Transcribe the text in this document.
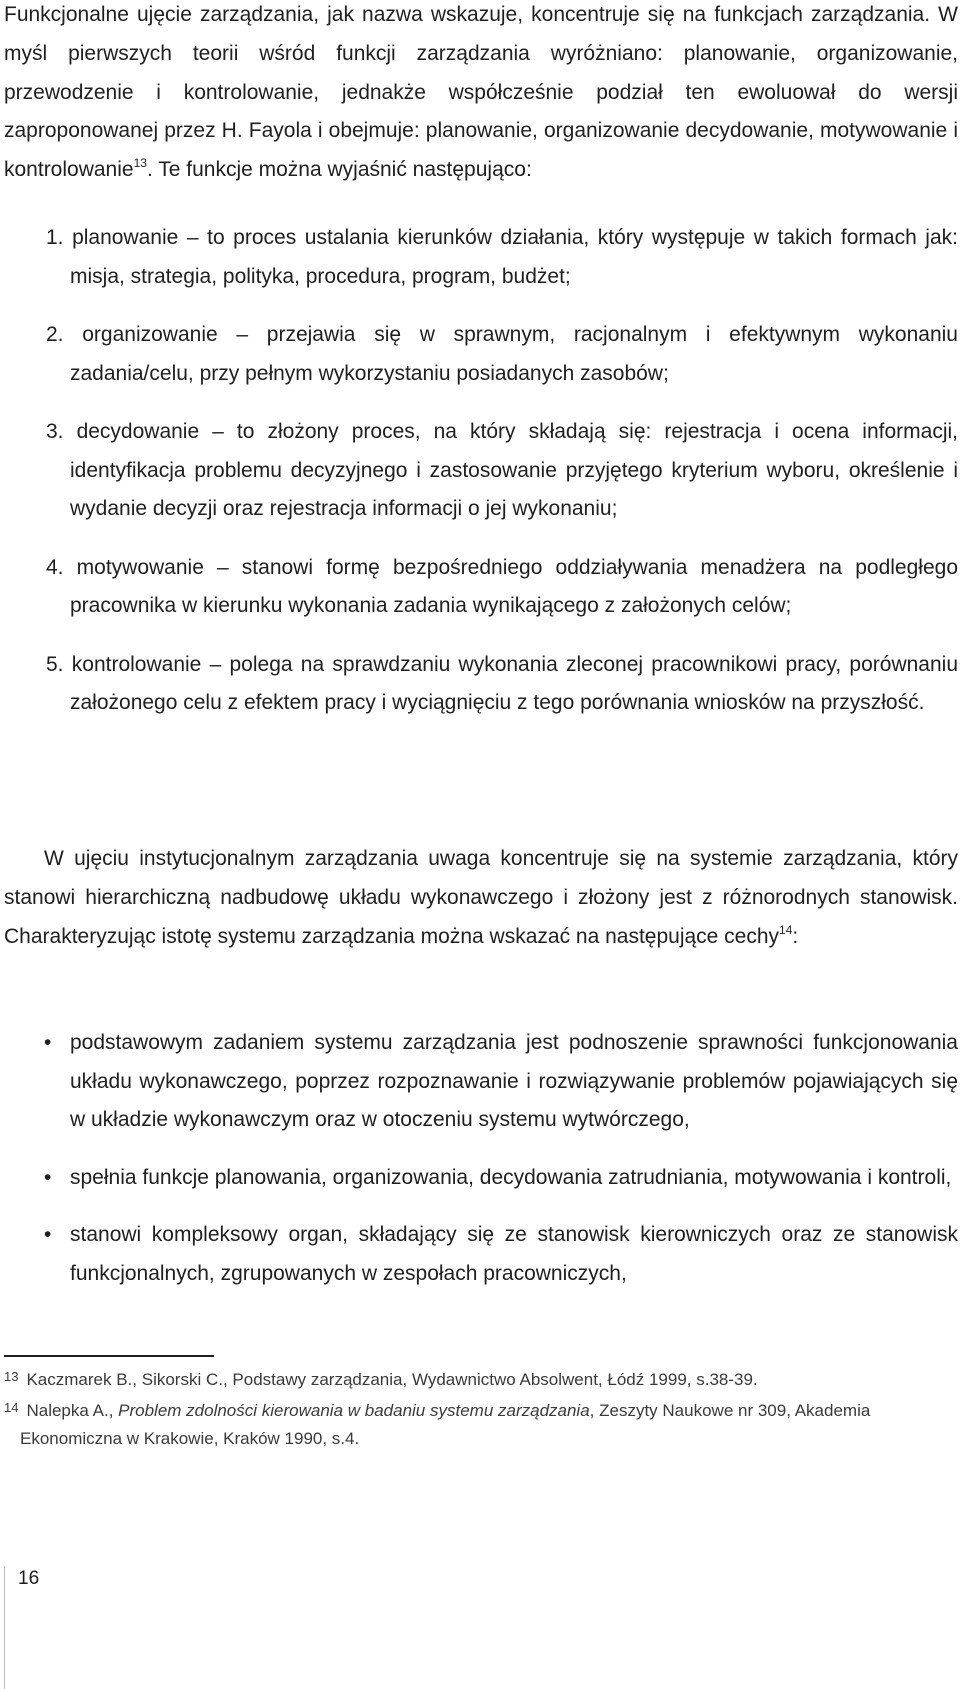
Funkcjonalne ujęcie zarządzania, jak nazwa wskazuje, koncentruje się na funkcjach zarządzania. W myśl pierwszych teorii wśród funkcji zarządzania wyróżniano: planowanie, organizowanie, przewodzenie i kontrolowanie, jednakże współcześnie podział ten ewoluował do wersji zaproponowanej przez H. Fayola i obejmuje: planowanie, organizowanie decydowanie, motywowanie i kontrolowanie$^{13}$. Te funkcje można wyjaśnić następująco:

1. planowanie – to proces ustalania kierunków działania, który występuje w takich formach jak: misja, strategia, polityka, procedura, program, budżet;
2. organizowanie – przejawia się w sprawnym, racjonalnym i efektywnym wykonaniu zadania/celu, przy pełnym wykorzystaniu posiadanych zasobów;
3. decydowanie – to złożony proces, na który składają się: rejestracja i ocena informacji, identyfikacja problemu decyzyjnego i zastosowanie przyjętego kryterium wyboru, określenie i wydanie decyzji oraz rejestracja informacji o jej wykonaniu;
4. motywowanie – stanowi formę bezpośredniego oddziaływania menadżera na podległego pracownika w kierunku wykonania zadania wynikającego z założonych celów;
5. kontrolowanie – polega na sprawdzaniu wykonania zleconej pracownikowi pracy, porównaniu założonego celu z efektem pracy i wyciągnięciu z tego porównania wniosków na przyszłość.

W ujęciu instytucjonalnym zarządzania uwaga koncentruje się na systemie zarządzania, który stanowi hierarchiczną nadbudowę układu wykonawczego i złożony jest z różnorodnych stanowisk. Charakteryzując istotę systemu zarządzania można wskazać na następujące cechy$^{14}$:

• podstawowym zadaniem systemu zarządzania jest podnoszenie sprawności funkcjonowania układu wykonawczego, poprzez rozpoznawanie i rozwiązywanie problemów pojawiających się w układzie wykonawczym oraz w otoczeniu systemu wytwórczego,
• spełnia funkcje planowania, organizowania, decydowania zatrudniania, motywowania i kontroli,
• stanowi kompleksowy organ, składający się ze stanowisk kierowniczych oraz ze stanowisk funkcjonalnych, zgrupowanych w zespołach pracowniczych,

$^{13}$ Kaczmarek B., Sikorski C., Podstawy zarządzania, Wydawnictwo Absolwent, Łódź 1999, s.38-39.

$^{14}$ Nalepka A., Problem zdolności kierowania w badaniu systemu zarządzania, Zeszyty Naukowe nr 309, Akademia Ekonomiczna w Krakowie, Kraków 1990, s.4.

16
